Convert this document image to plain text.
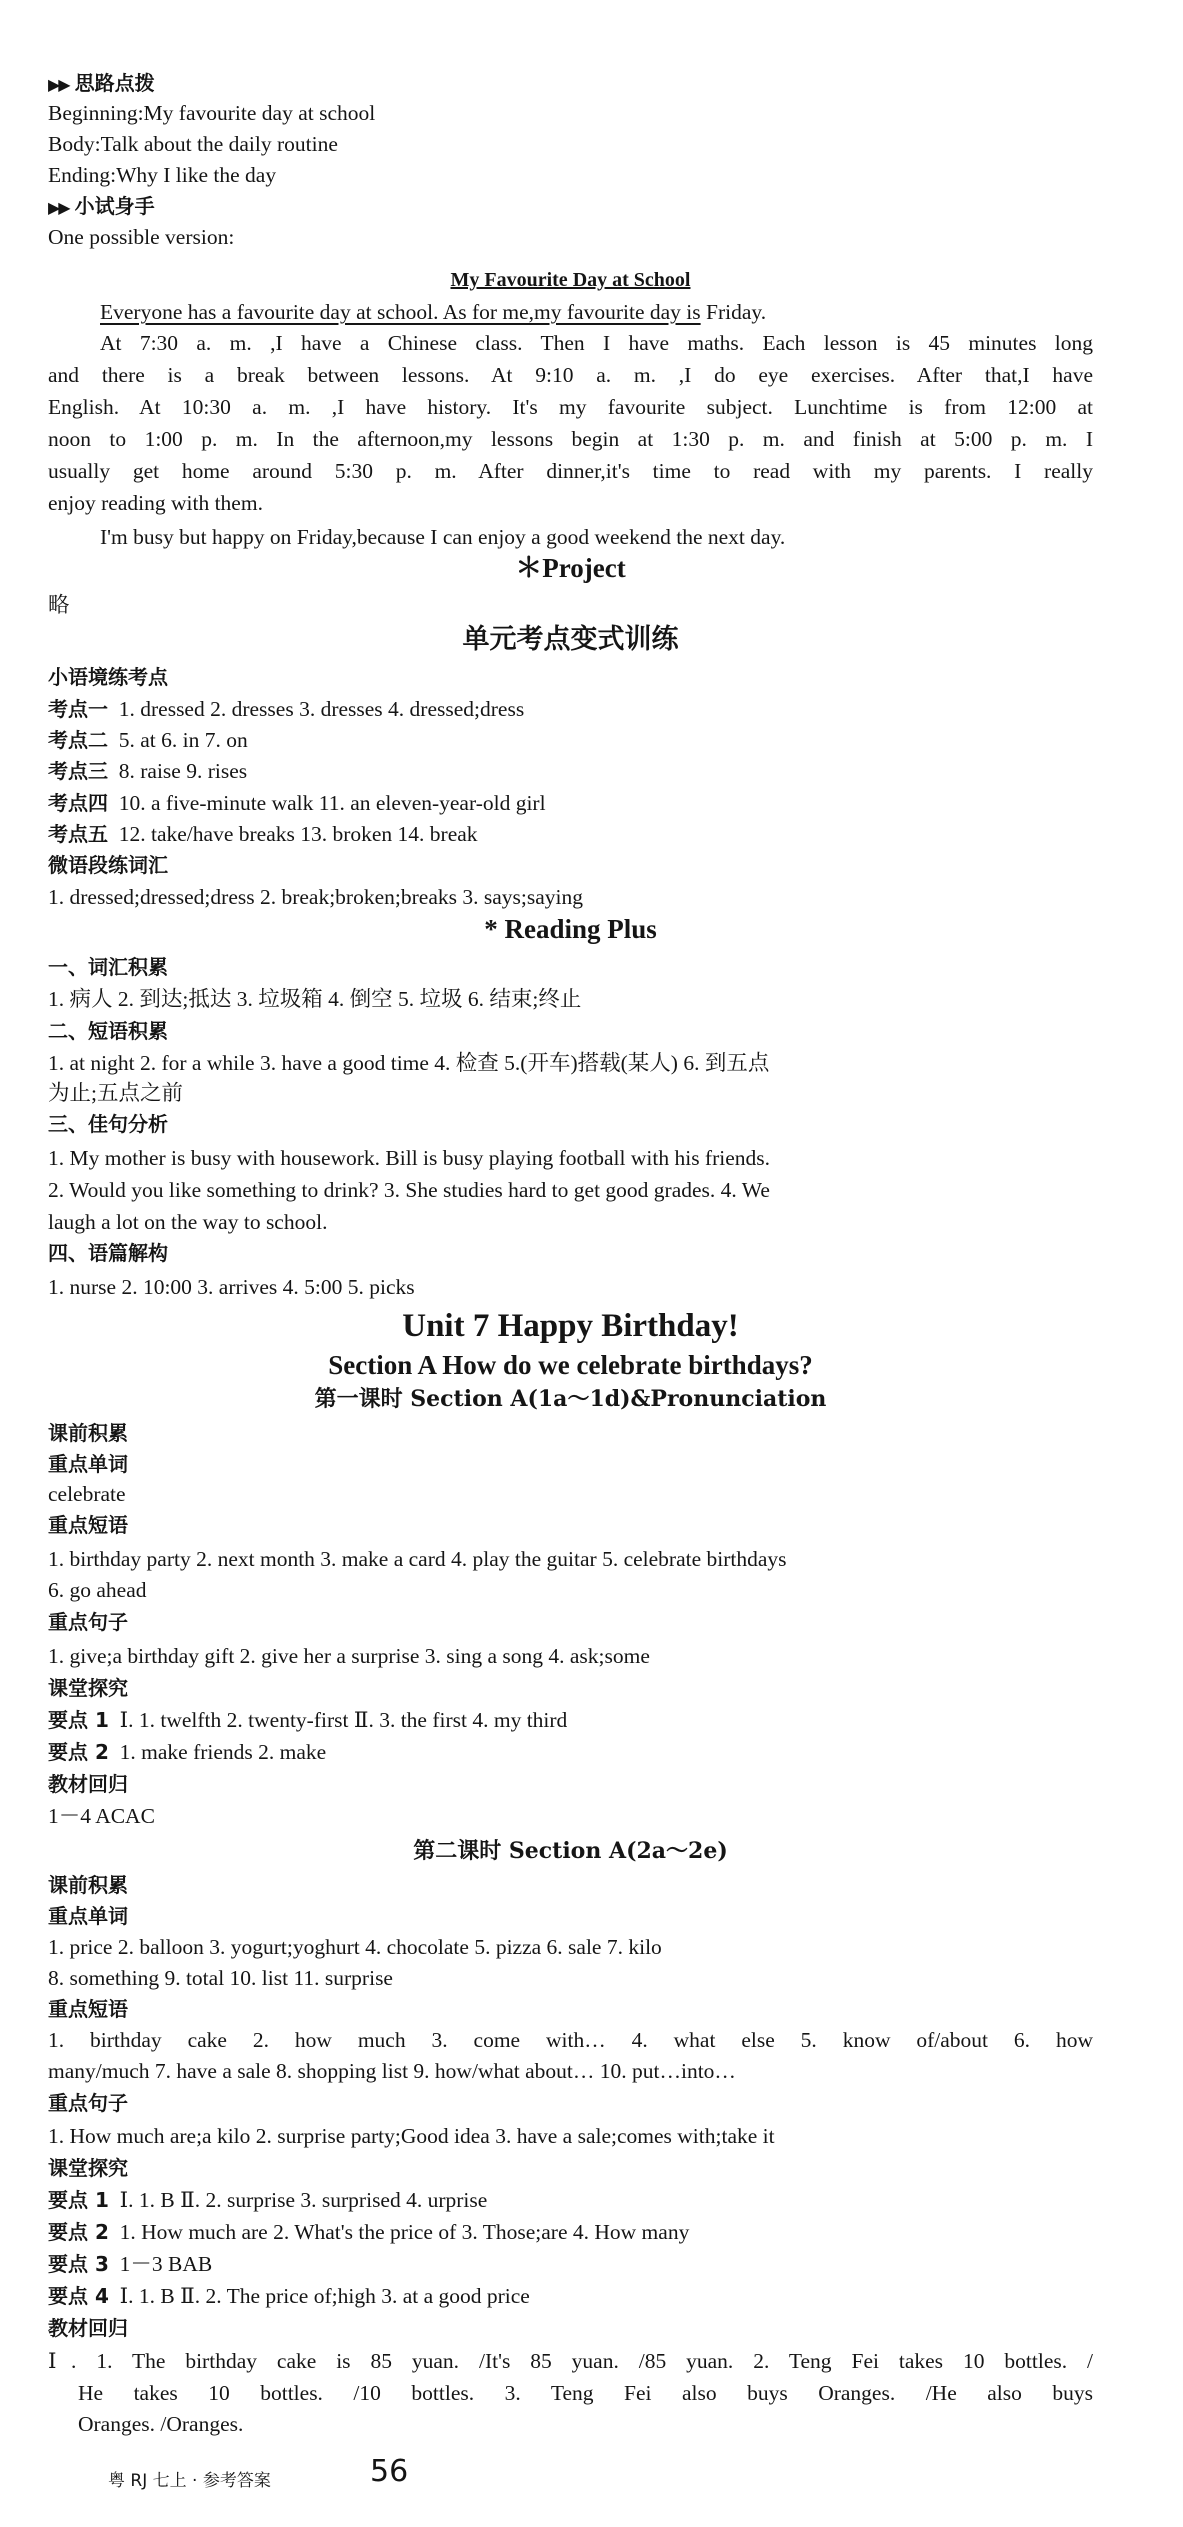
▶▶ 思路点拨
Beginning:My favourite day at school
Body:Talk about the daily routine
Ending:Why I like the day
▶▶ 小试身手
One possible version:
My Favourite Day at School
Everyone has a favourite day at school. As for me,my favourite day is Friday.
At 7:30 a. m. ,I have a Chinese class. Then I have maths. Each lesson is 45 minutes long
and there is a break between lessons. At 9:10 a. m. ,I do eye exercises. After that,I have
English. At 10:30 a. m. ,I have history. It's my favourite subject. Lunchtime is from 12:00 at
noon to 1:00 p. m. In the afternoon,my lessons begin at 1:30 p. m. and finish at 5:00 p. m. I
usually get home around 5:30 p. m. After dinner,it's time to read with my parents. I really
enjoy reading with them.
I'm busy but happy on Friday,because I can enjoy a good weekend the next day.
＊Project
略
单元考点变式训练
小语境练考点
考点一 1. dressed 2. dresses 3. dresses 4. dressed;dress
考点二 5. at 6. in 7. on
考点三 8. raise 9. rises
考点四 10. a five-minute walk 11. an eleven-year-old girl
考点五 12. take/have breaks 13. broken 14. break
微语段练词汇
1. dressed;dressed;dress 2. break;broken;breaks 3. says;saying
* Reading Plus
一、词汇积累
1. 病人 2. 到达;抵达 3. 垃圾箱 4. 倒空 5. 垃圾 6. 结束;终止
二、短语积累
1. at night 2. for a while 3. have a good time 4. 检查 5.(开车)搭载(某人) 6. 到五点
为止;五点之前
三、佳句分析
1. My mother is busy with housework. Bill is busy playing football with his friends.
2. Would you like something to drink? 3. She studies hard to get good grades. 4. We
laugh a lot on the way to school.
四、语篇解构
1. nurse 2. 10:00 3. arrives 4. 5:00 5. picks
Unit 7 Happy Birthday!
Section A How do we celebrate birthdays?
第一课时 Section A(1a～1d)&Pronunciation
课前积累
重点单词
celebrate
重点短语
1. birthday party 2. next month 3. make a card 4. play the guitar 5. celebrate birthdays
6. go ahead
重点句子
1. give;a birthday gift 2. give her a surprise 3. sing a song 4. ask;some
课堂探究
要点 1 Ⅰ. 1. twelfth 2. twenty-first Ⅱ. 3. the first 4. my third
要点 2 1. make friends 2. make
教材回归
1－4 ACAC
第二课时 Section A(2a～2e)
课前积累
重点单词
1. price 2. balloon 3. yogurt;yoghurt 4. chocolate 5. pizza 6. sale 7. kilo
8. something 9. total 10. list 11. surprise
重点短语
1. birthday cake 2. how much 3. come with… 4. what else 5. know of/about 6. how
many/much 7. have a sale 8. shopping list 9. how/what about… 10. put…into…
重点句子
1. How much are;a kilo 2. surprise party;Good idea 3. have a sale;comes with;take it
课堂探究
要点 1 Ⅰ. 1. B Ⅱ. 2. surprise 3. surprised 4. urprise
要点 2 1. How much are 2. What's the price of 3. Those;are 4. How many
要点 3 1－3 BAB
要点 4 Ⅰ. 1. B Ⅱ. 2. The price of;high 3. at a good price
教材回归
Ⅰ. 1. The birthday cake is 85 yuan. /It's 85 yuan. /85 yuan. 2. Teng Fei takes 10 bottles. /
He takes 10 bottles. /10 bottles. 3. Teng Fei also buys Oranges. /He also buys
Oranges. /Oranges.
粤 RJ 七上 · 参考答案	56
